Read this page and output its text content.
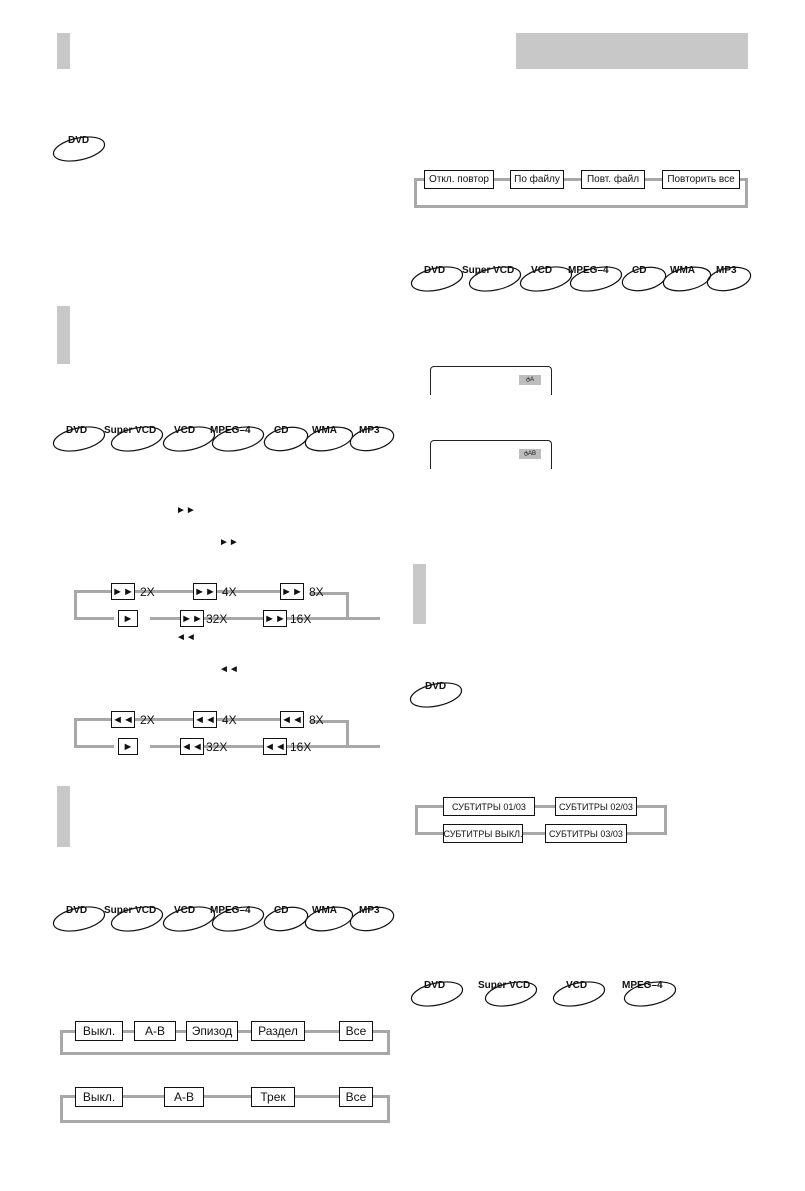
DVD
DVD Super VCD VCD MPEG–4 CD WMA MP3
►►
►►
◄◄
◄◄
►► 2X	►► 4X	►► 8X
►	►► 32X	►► 16X
◄◄ 2X	◄◄ 4X	◄◄ 8X
►	◄◄ 32X	◄◄ 16X
DVD Super VCD VCD MPEG–4 CD WMA MP3
Выкл.	A-B	Эпизод	Раздел	Все
Выкл.	A-B	Трек	Все
Откл. повтор	По файлу	Повт. файл	Повторить все
DVD Super VCD VCD MPEG–4 CD WMA MP3
⥀ A
⥀ AB
DVD
СУБТИТРЫ 01/03	СУБТИТРЫ 02/03
СУБТИТРЫ ВЫКЛ.	СУБТИТРЫ 03/03
DVD	Super VCD	VCD	MPEG–4
